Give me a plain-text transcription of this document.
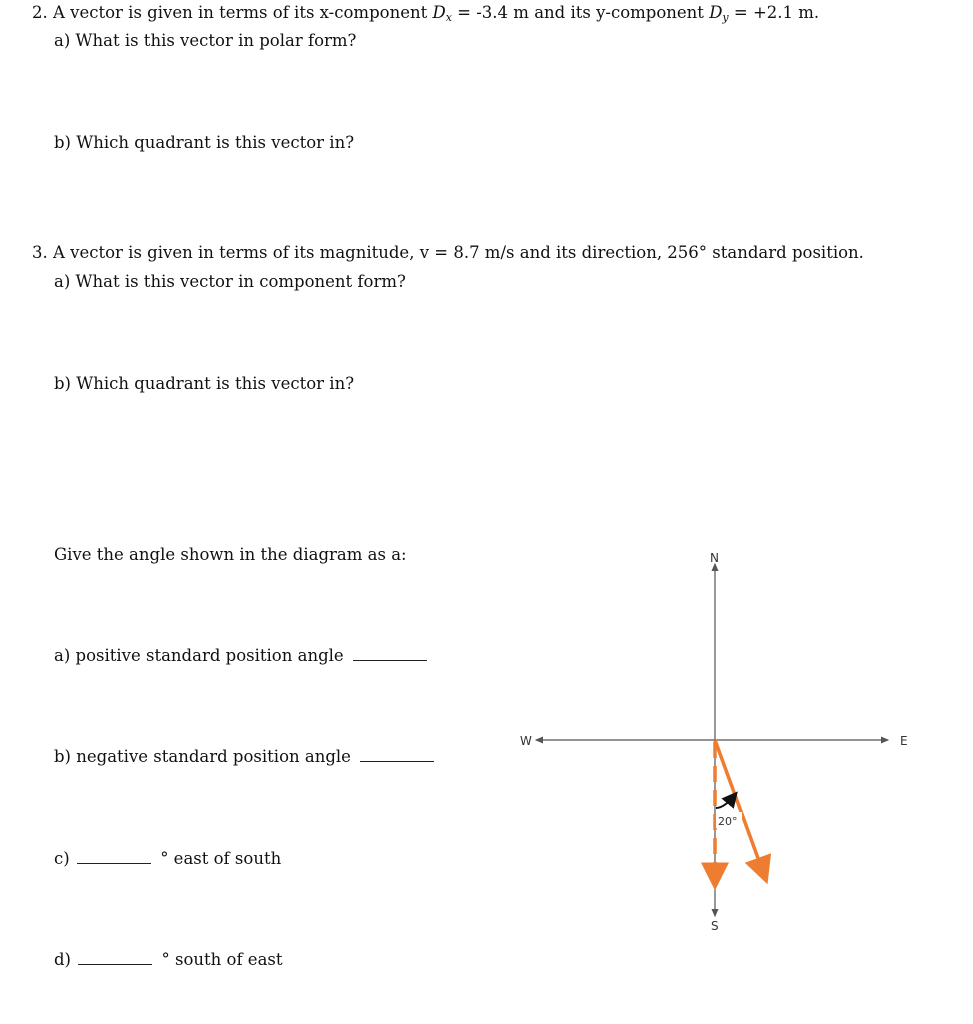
2. A vector is given in terms of its x-component $D_x = -3.4$ m and its y-component $D_y = +2.1$ m.
a) What is this vector in polar form?
b) Which quadrant is this vector in?
3. A vector is given in terms of its magnitude, v = 8.7 m/s and its direction, 256° standard position.
a) What is this vector in component form?
b) Which quadrant is this vector in?
Give the angle shown in the diagram as a:
a) positive standard position angle
b) negative standard position angle
c)	° east of south
d)	° south of east
N
S
E
W
20°
